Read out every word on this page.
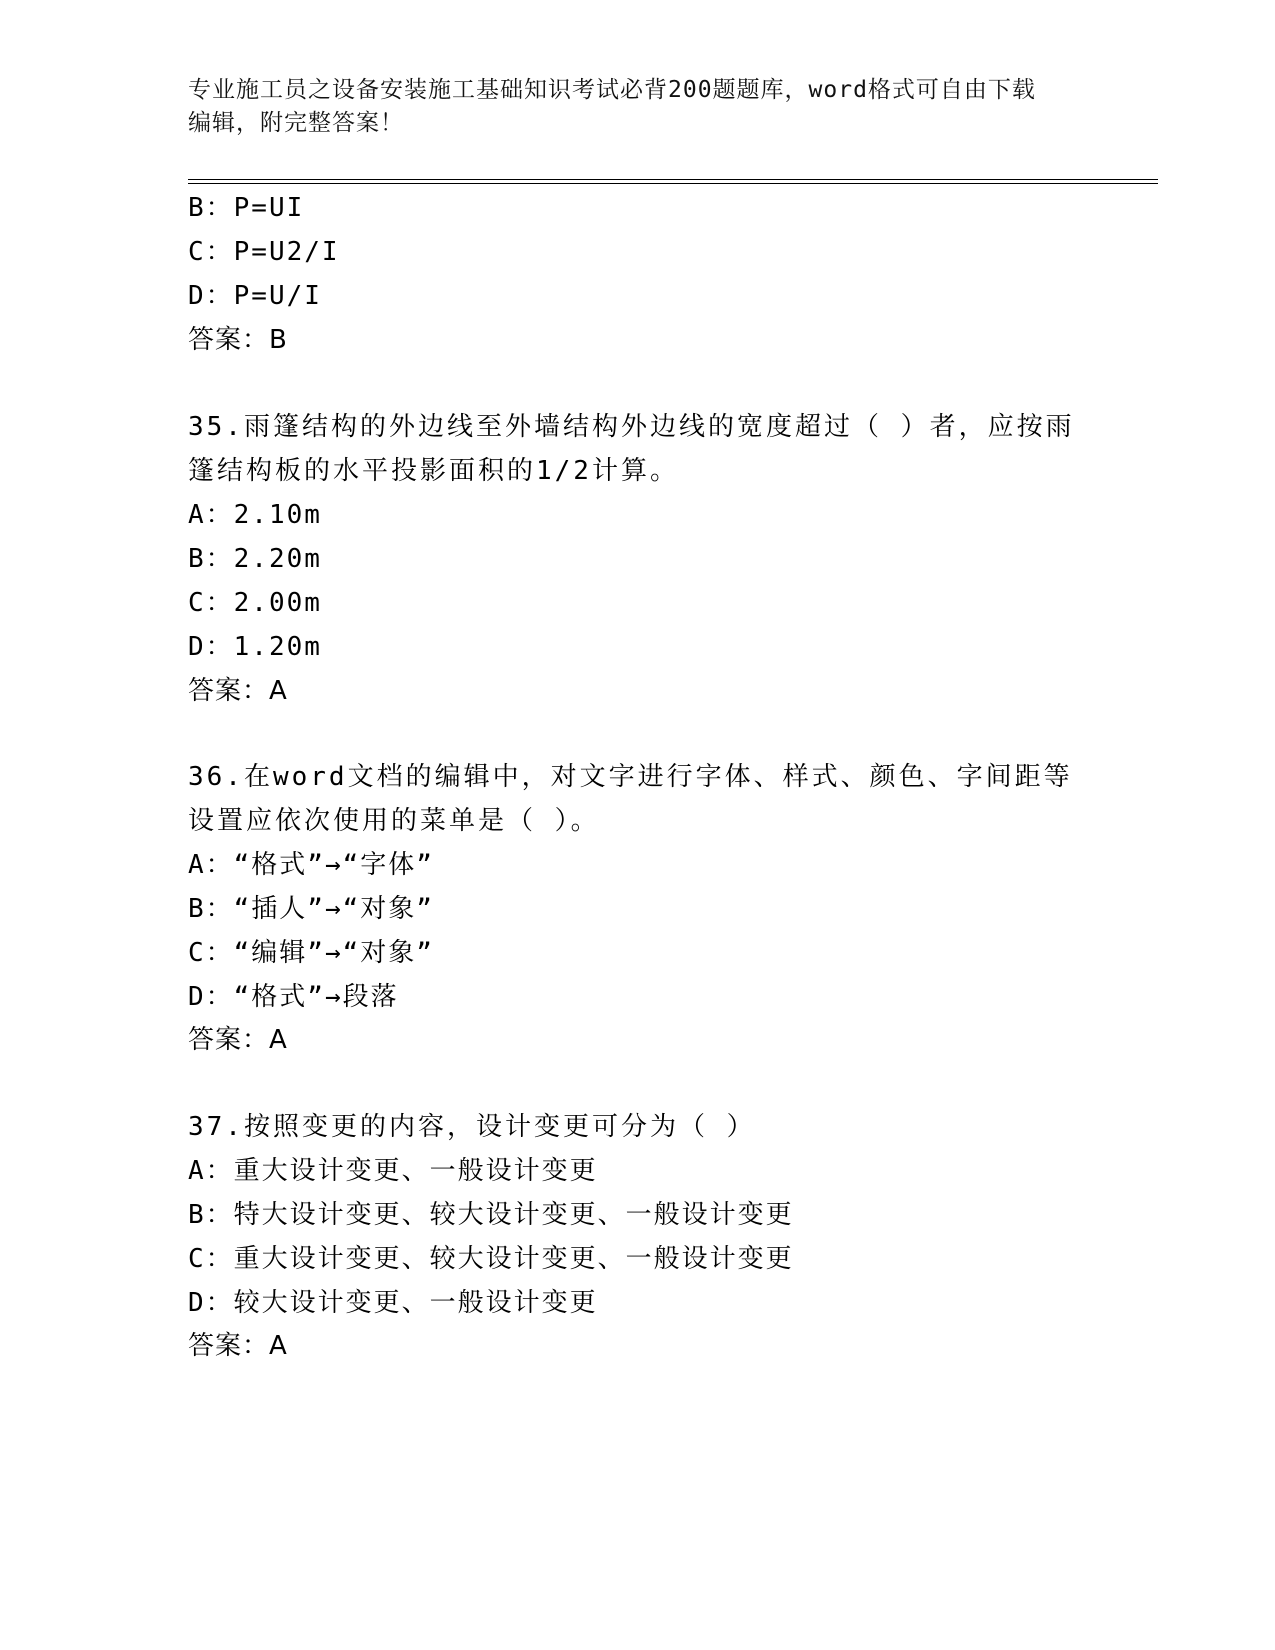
专业施工员之设备安装施工基础知识考试必背200题题库，word格式可自由下载
编辑，附完整答案！
B：P=UI
C：P=U2/I
D：P=U/I
答案：B
35.雨篷结构的外边线至外墙结构外边线的宽度超过（ ）者，应按雨
篷结构板的水平投影面积的1/2计算。
A：2.10m
B：2.20m
C：2.00m
D：1.20m
答案：A
36.在word文档的编辑中，对文字进行字体、样式、颜色、字间距等
设置应依次使用的菜单是（ ）。
A：“格式”→“字体”
B：“插人”→“对象”
C：“编辑”→“对象”
D：“格式”→段落
答案：A
37.按照变更的内容，设计变更可分为（ ）
A：重大设计变更、一般设计变更
B：特大设计变更、较大设计变更、一般设计变更
C：重大设计变更、较大设计变更、一般设计变更
D：较大设计变更、一般设计变更
答案：A
